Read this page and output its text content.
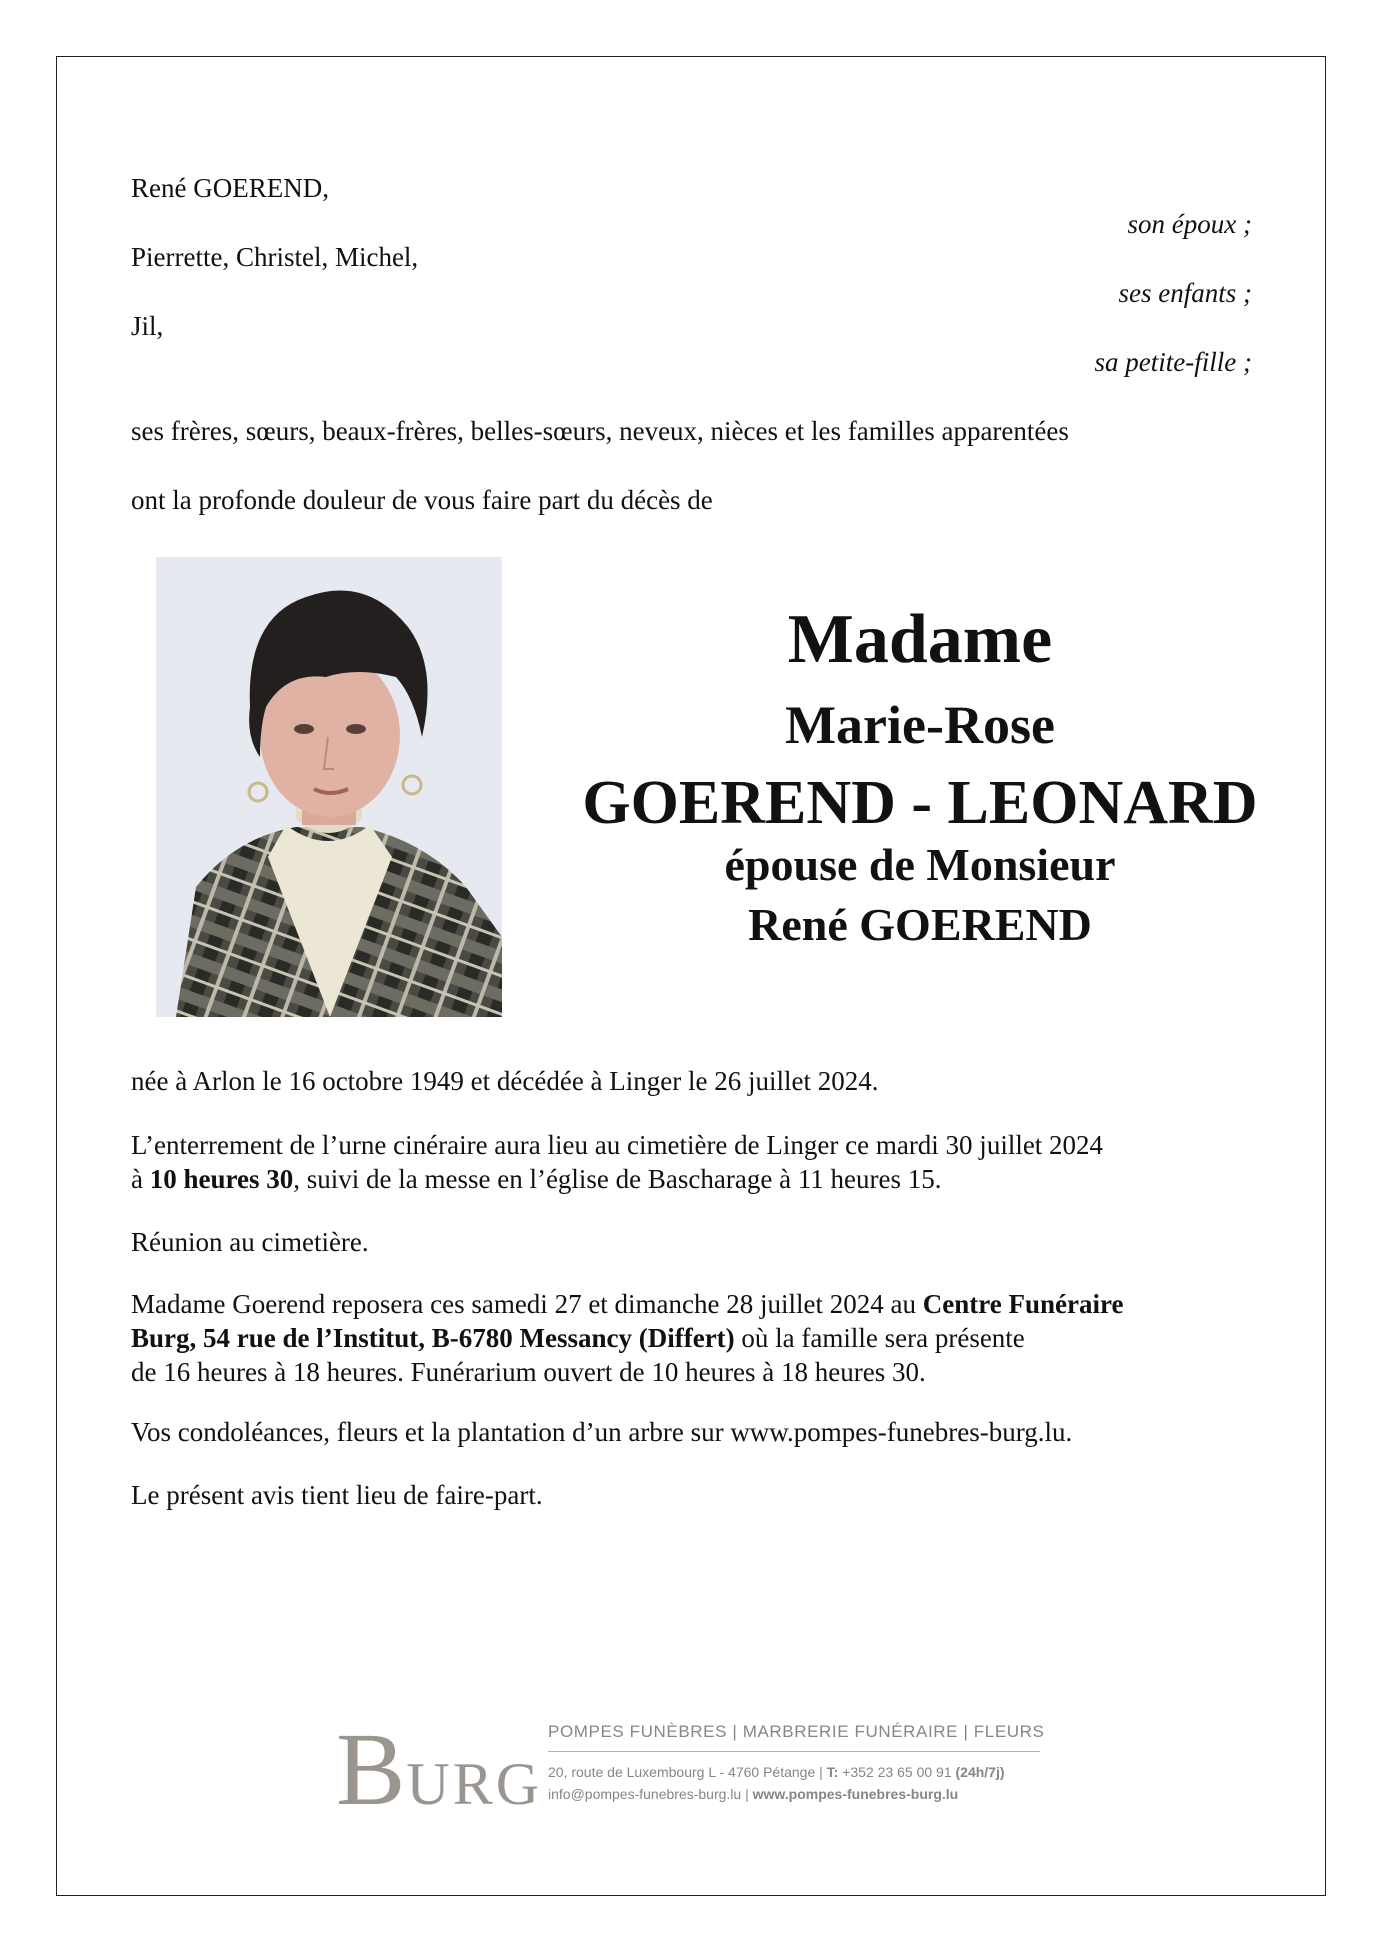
René GOEREND,
son époux ;
Pierrette, Christel, Michel,
ses enfants ;
Jil,
sa petite-fille ;
ses frères, sœurs, beaux-frères, belles-sœurs, neveux, nièces et les familles apparentées
ont la profonde douleur de vous faire part du décès de
Madame
Marie-Rose
GOEREND - LEONARD
épouse de Monsieur
René GOEREND
née à Arlon le 16 octobre 1949 et décédée à Linger le 26 juillet 2024.
L’enterrement de l’urne cinéraire aura lieu au cimetière de Linger ce mardi 30 juillet 2024
à 10 heures 30, suivi de la messe en l’église de Bascharage à 11 heures 15.
Réunion au cimetière.
Madame Goerend reposera ces samedi 27 et dimanche 28 juillet 2024 au Centre Funéraire
Burg, 54 rue de l’Institut, B-6780 Messancy (Differt) où la famille sera présente
de 16 heures à 18 heures. Funérarium ouvert de 10 heures à 18 heures 30.
Vos condoléances, fleurs et la plantation d’un arbre sur www.pompes-funebres-burg.lu.
Le présent avis tient lieu de faire-part.
BURG
POMPES FUNÈBRES | MARBRERIE FUNÉRAIRE | FLEURS
20, route de Luxembourg L - 4760 Pétange | T: +352 23 65 00 91 (24h/7j)
info@pompes-funebres-burg.lu | www.pompes-funebres-burg.lu
